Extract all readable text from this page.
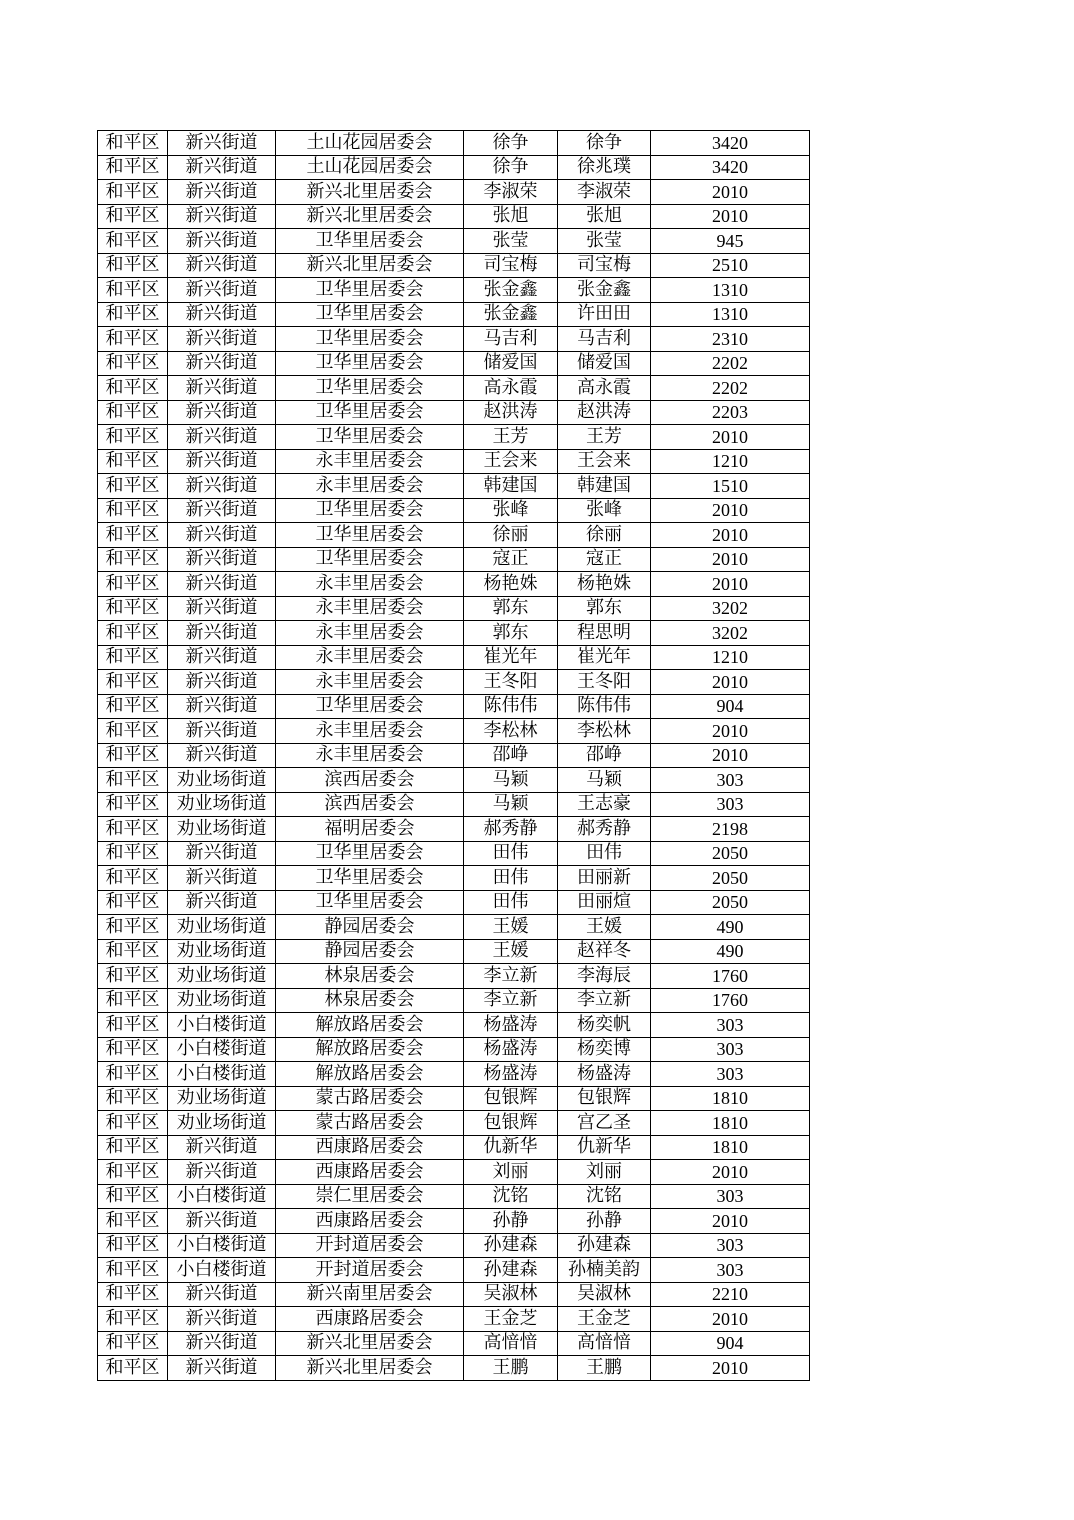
和平区	新兴街道	土山花园居委会	徐争	徐争	3420
和平区	新兴街道	土山花园居委会	徐争	徐兆璞	3420
和平区	新兴街道	新兴北里居委会	李淑荣	李淑荣	2010
和平区	新兴街道	新兴北里居委会	张旭	张旭	2010
和平区	新兴街道	卫华里居委会	张莹	张莹	945
和平区	新兴街道	新兴北里居委会	司宝梅	司宝梅	2510
和平区	新兴街道	卫华里居委会	张金鑫	张金鑫	1310
和平区	新兴街道	卫华里居委会	张金鑫	许田田	1310
和平区	新兴街道	卫华里居委会	马吉利	马吉利	2310
和平区	新兴街道	卫华里居委会	储爱国	储爱国	2202
和平区	新兴街道	卫华里居委会	高永霞	高永霞	2202
和平区	新兴街道	卫华里居委会	赵洪涛	赵洪涛	2203
和平区	新兴街道	卫华里居委会	王芳	王芳	2010
和平区	新兴街道	永丰里居委会	王会来	王会来	1210
和平区	新兴街道	永丰里居委会	韩建国	韩建国	1510
和平区	新兴街道	卫华里居委会	张峰	张峰	2010
和平区	新兴街道	卫华里居委会	徐丽	徐丽	2010
和平区	新兴街道	卫华里居委会	寇正	寇正	2010
和平区	新兴街道	永丰里居委会	杨艳姝	杨艳姝	2010
和平区	新兴街道	永丰里居委会	郭东	郭东	3202
和平区	新兴街道	永丰里居委会	郭东	程思明	3202
和平区	新兴街道	永丰里居委会	崔光年	崔光年	1210
和平区	新兴街道	永丰里居委会	王冬阳	王冬阳	2010
和平区	新兴街道	卫华里居委会	陈伟伟	陈伟伟	904
和平区	新兴街道	永丰里居委会	李松林	李松林	2010
和平区	新兴街道	永丰里居委会	邵峥	邵峥	2010
和平区	劝业场街道	滨西居委会	马颖	马颖	303
和平区	劝业场街道	滨西居委会	马颖	王志豪	303
和平区	劝业场街道	福明居委会	郝秀静	郝秀静	2198
和平区	新兴街道	卫华里居委会	田伟	田伟	2050
和平区	新兴街道	卫华里居委会	田伟	田丽新	2050
和平区	新兴街道	卫华里居委会	田伟	田丽煊	2050
和平区	劝业场街道	静园居委会	王媛	王媛	490
和平区	劝业场街道	静园居委会	王媛	赵祥冬	490
和平区	劝业场街道	林泉居委会	李立新	李海辰	1760
和平区	劝业场街道	林泉居委会	李立新	李立新	1760
和平区	小白楼街道	解放路居委会	杨盛涛	杨奕帆	303
和平区	小白楼街道	解放路居委会	杨盛涛	杨奕博	303
和平区	小白楼街道	解放路居委会	杨盛涛	杨盛涛	303
和平区	劝业场街道	蒙古路居委会	包银辉	包银辉	1810
和平区	劝业场街道	蒙古路居委会	包银辉	宫乙圣	1810
和平区	新兴街道	西康路居委会	仇新华	仇新华	1810
和平区	新兴街道	西康路居委会	刘丽	刘丽	2010
和平区	小白楼街道	崇仁里居委会	沈铭	沈铭	303
和平区	新兴街道	西康路居委会	孙静	孙静	2010
和平区	小白楼街道	开封道居委会	孙建森	孙建森	303
和平区	小白楼街道	开封道居委会	孙建森	孙楠美韵	303
和平区	新兴街道	新兴南里居委会	吴淑林	吴淑林	2210
和平区	新兴街道	西康路居委会	王金芝	王金芝	2010
和平区	新兴街道	新兴北里居委会	高愔愔	高愔愔	904
和平区	新兴街道	新兴北里居委会	王鹏	王鹏	2010
